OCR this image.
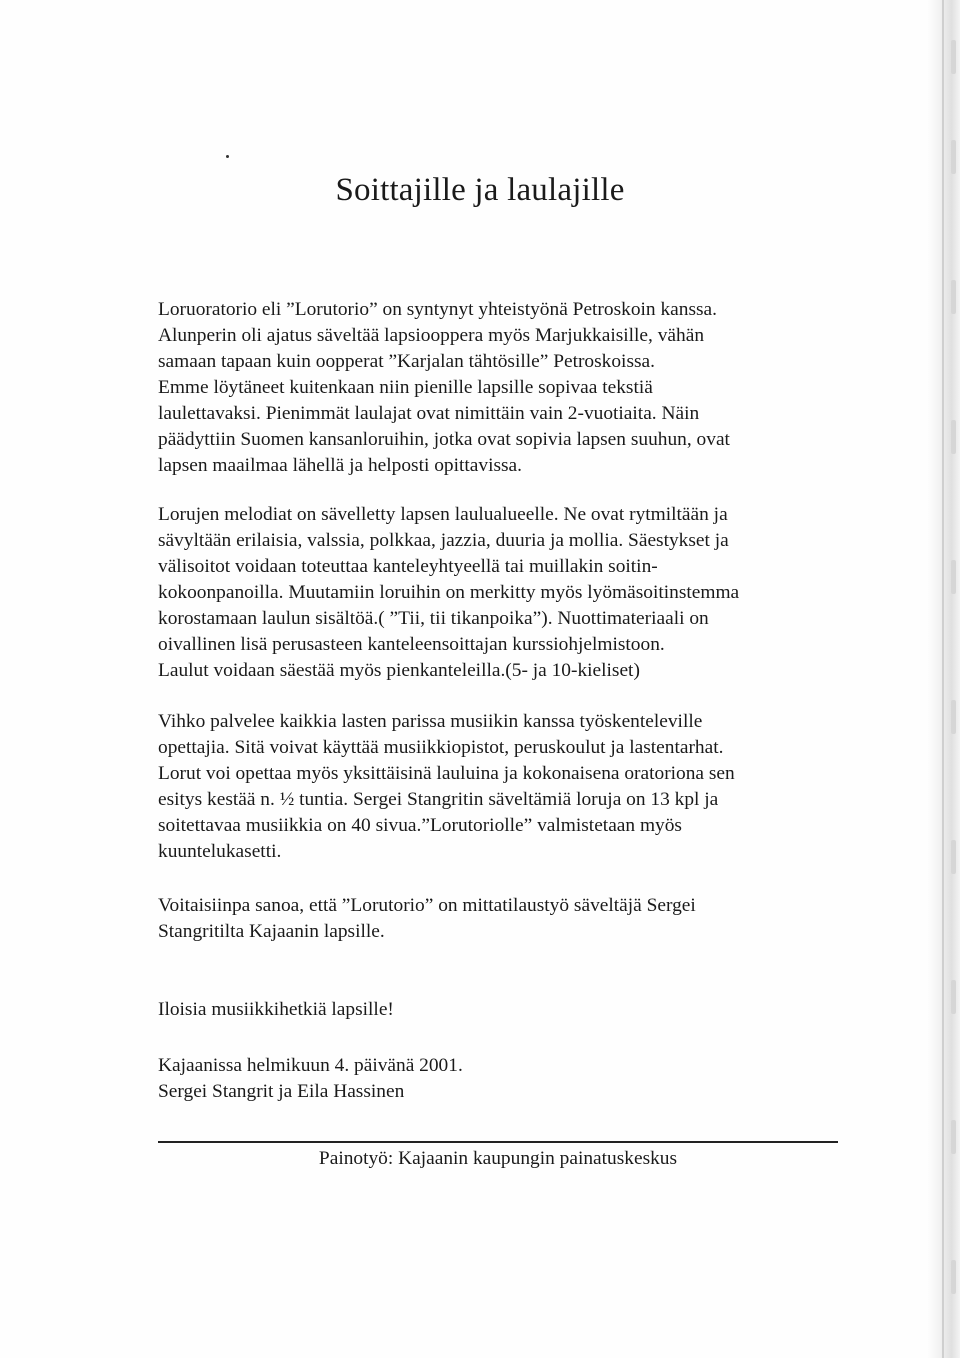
Soittajille ja laulajille
Loruoratorio eli ”Lorutorio” on syntynyt yhteistyönä Petroskoin kanssa.
Alunperin oli ajatus säveltää lapsiooppera myös Marjukkaisille, vähän
samaan tapaan kuin oopperat ”Karjalan tähtösille” Petroskoissa.
Emme löytäneet kuitenkaan niin pienille lapsille sopivaa tekstiä
laulettavaksi. Pienimmät laulajat ovat nimittäin vain 2-vuotiaita. Näin
päädyttiin Suomen kansanloruihin, jotka ovat sopivia lapsen suuhun, ovat
lapsen maailmaa lähellä ja helposti opittavissa.
Lorujen melodiat on sävelletty lapsen laulualueelle. Ne ovat rytmiltään ja
sävyltään erilaisia, valssia, polkkaa, jazzia, duuria ja mollia. Säestykset ja
välisoitot voidaan toteuttaa kanteleyhtyeellä tai muillakin soitin-
kokoonpanoilla. Muutamiin loruihin on merkitty myös lyömäsoitinstemma
korostamaan laulun sisältöä.( ”Tii, tii tikanpoika”). Nuottimateriaali on
oivallinen lisä perusasteen kanteleensoittajan kurssiohjelmistoon.
Laulut voidaan säestää myös pienkanteleilla.(5- ja 10-kieliset)
Vihko palvelee kaikkia lasten parissa musiikin kanssa työskenteleville
opettajia. Sitä voivat käyttää musiikkiopistot, peruskoulut ja lastentarhat.
Lorut voi opettaa myös yksittäisinä lauluina ja kokonaisena oratoriona sen
esitys kestää n. ½ tuntia. Sergei Stangritin säveltämiä loruja on 13 kpl ja
soitettavaa musiikkia on 40 sivua.”Lorutoriolle” valmistetaan myös
kuuntelukasetti.
Voitaisiinpa sanoa, että ”Lorutorio” on mittatilaustyö säveltäjä Sergei
Stangritilta Kajaanin lapsille.
Iloisia musiikkihetkiä lapsille!
Kajaanissa helmikuun 4. päivänä 2001.
Sergei Stangrit ja Eila Hassinen
Painotyö: Kajaanin kaupungin painatuskeskus
